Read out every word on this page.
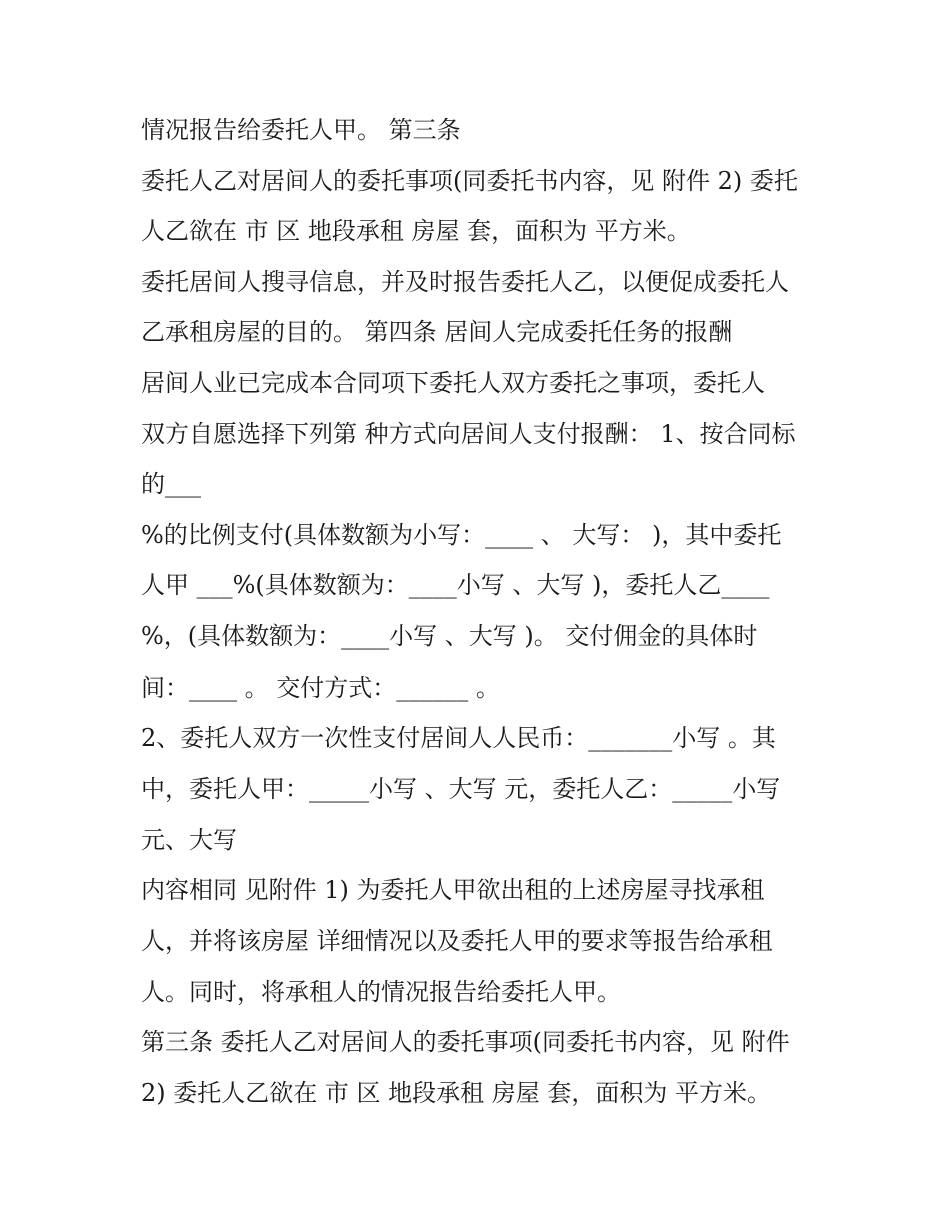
情况报告给委托人甲。 第三条
委托人乙对居间人的委托事项(同委托书内容，见 附件 2) 委托
人乙欲在 市 区 地段承租 房屋 套，面积为 平方米。
委托居间人搜寻信息，并及时报告委托人乙，以便促成委托人
乙承租房屋的目的。 第四条 居间人完成委托任务的报酬
居间人业已完成本合同项下委托人双方委托之事项，委托人
双方自愿选择下列第 种方式向居间人支付报酬： 1、按合同标
的___
%的比例支付(具体数额为小写：____ 、 大写： )，其中委托
人甲 ___%(具体数额为：____小写 、大写 )，委托人乙____
%，(具体数额为：____小写 、大写 )。 交付佣金的具体时
间：____ 。 交付方式：______ 。
2、委托人双方一次性支付居间人人民币：_______小写 。其
中，委托人甲：_____小写 、大写 元，委托人乙：_____小写
元、大写
内容相同 见附件 1) 为委托人甲欲出租的上述房屋寻找承租
人，并将该房屋 详细情况以及委托人甲的要求等报告给承租
人。同时，将承租人的情况报告给委托人甲。
第三条 委托人乙对居间人的委托事项(同委托书内容，见 附件
2) 委托人乙欲在 市 区 地段承租 房屋 套，面积为 平方米。
